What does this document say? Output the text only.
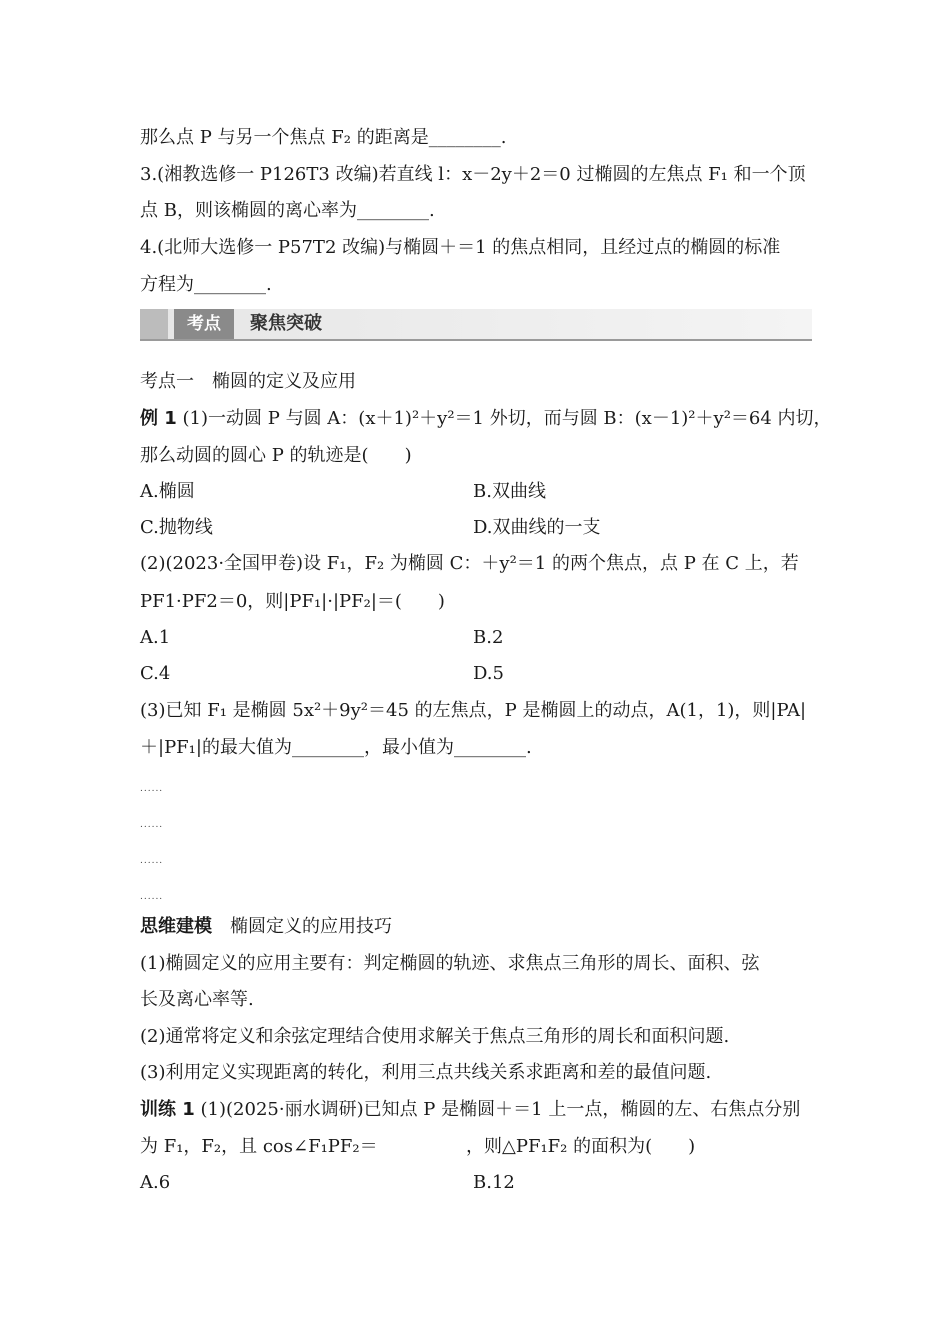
那么点 P 与另一个焦点 F₂ 的距离是________.
3.(湘教选修一 P126T3 改编)若直线 l：x－2y＋2＝0 过椭圆的左焦点 F₁ 和一个顶
点 B，则该椭圆的离心率为________.
4.(北师大选修一 P57T2 改编)与椭圆＋＝1 的焦点相同，且经过点的椭圆的标准
方程为________.
考点	聚焦突破
考点一　椭圆的定义及应用
例 1 (1)一动圆 P 与圆 A：(x＋1)²＋y²＝1 外切，而与圆 B：(x－1)²＋y²＝64 内切，
那么动圆的圆心 P 的轨迹是(　　)
A.椭圆	B.双曲线
C.抛物线	D.双曲线的一支
(2)(2023·全国甲卷)设 F₁，F₂ 为椭圆 C：＋y²＝1 的两个焦点，点 P 在 C 上，若
PF1·PF2＝0，则|PF₁|·|PF₂|＝(　　)
A.1	B.2
C.4	D.5
(3)已知 F₁ 是椭圆 5x²＋9y²＝45 的左焦点，P 是椭圆上的动点，A(1，1)，则|PA|
＋|PF₁|的最大值为________，最小值为________.
......
......
......
......
思维建模　椭圆定义的应用技巧
(1)椭圆定义的应用主要有：判定椭圆的轨迹、求焦点三角形的周长、面积、弦
长及离心率等.
(2)通常将定义和余弦定理结合使用求解关于焦点三角形的周长和面积问题.
(3)利用定义实现距离的转化，利用三点共线关系求距离和差的最值问题.
训练 1 (1)(2025·丽水调研)已知点 P 是椭圆＋＝1 上一点，椭圆的左、右焦点分别
为 F₁，F₂，且 cos∠F₁PF₂＝	，则△PF₁F₂ 的面积为(　　)
A.6	B.12
